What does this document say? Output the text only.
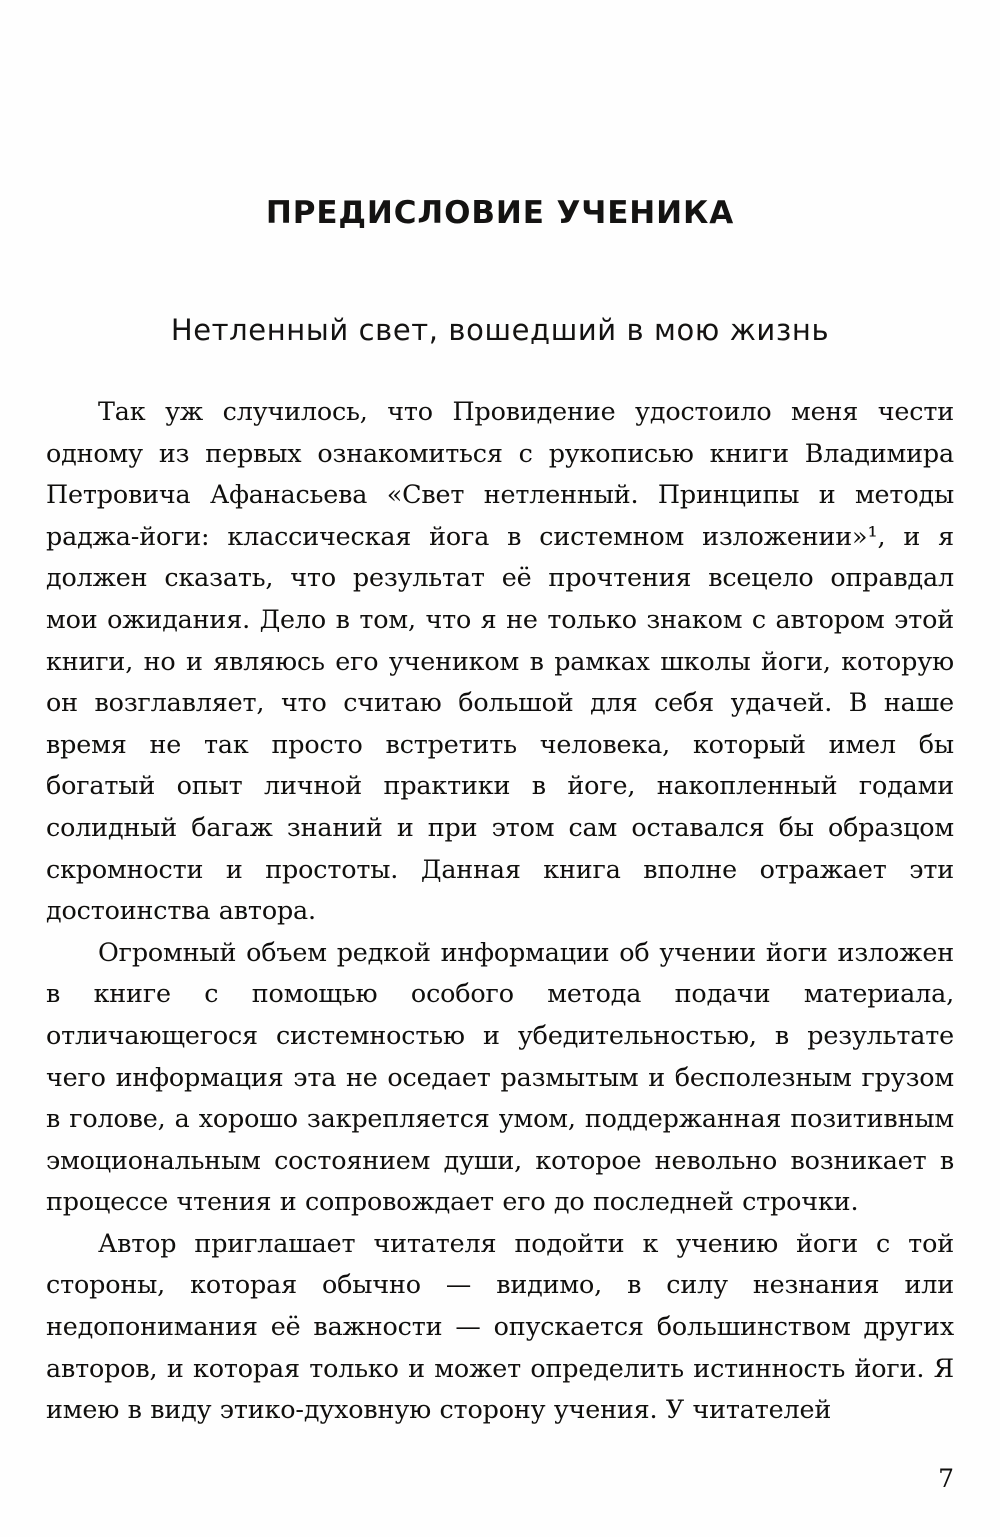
ПРЕДИСЛОВИЕ УЧЕНИКА
Нетленный свет, вошедший в мою жизнь

Так уж случилось, что Провидение удостоило меня чести одному из первых ознакомиться с рукописью книги Владимира Петровича Афанасьева «Свет нетленный. Принципы и методы раджа-йоги: классическая йога в системном изложении»¹, и я должен сказать, что результат её прочтения всецело оправдал мои ожидания. Дело в том, что я не только знаком с автором этой книги, но и являюсь его учеником в рамках школы йоги, которую он возглавляет, что считаю большой для себя удачей. В наше время не так просто встретить человека, который имел бы богатый опыт личной практики в йоге, накопленный годами солидный багаж знаний и при этом сам оставался бы образцом скромности и простоты. Данная книга вполне отражает эти достоинства автора.

Огромный объем редкой информации об учении йоги изложен в книге с помощью особого метода подачи материала, отличающегося системностью и убедительностью, в результате чего информация эта не оседает размытым и бесполезным грузом в голове, а хорошо закрепляется умом, поддержанная позитивным эмоциональным состоянием души, которое невольно возникает в процессе чтения и сопровождает его до последней строчки.

Автор приглашает читателя подойти к учению йоги с той стороны, которая обычно — видимо, в силу незнания или недопонимания её важности — опускается большинством других авторов, и которая только и может определить истинность йоги. Я имею в виду этико-духовную сторону учения. У читателей

7
